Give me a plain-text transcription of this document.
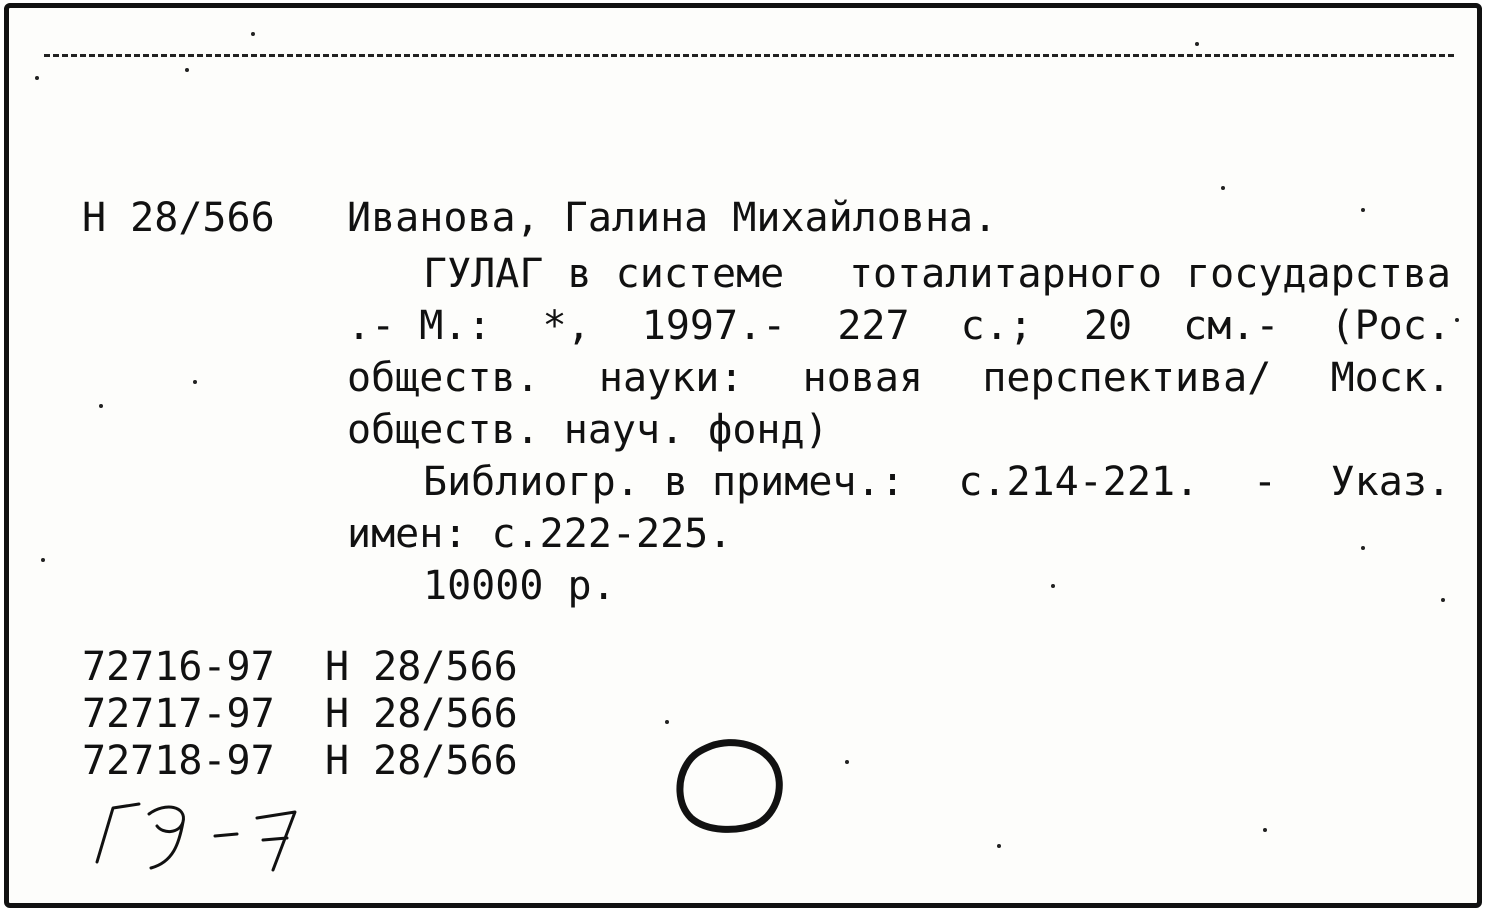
Н 28/566 Иванова, Галина Михайловна.
ГУЛАГ в системе тоталитарного государства
.- М.: *, 1997.- 227 с.; 20 см.- (Рос.
обществ. науки: новая перспектива/ Моск.
обществ. науч. фонд)
Библиогр. в примеч.: с.214-221. - Указ.
имен: с.222-225.
10000 р.
72716-97 Н 28/566
72717-97 Н 28/566
72718-97 Н 28/566
